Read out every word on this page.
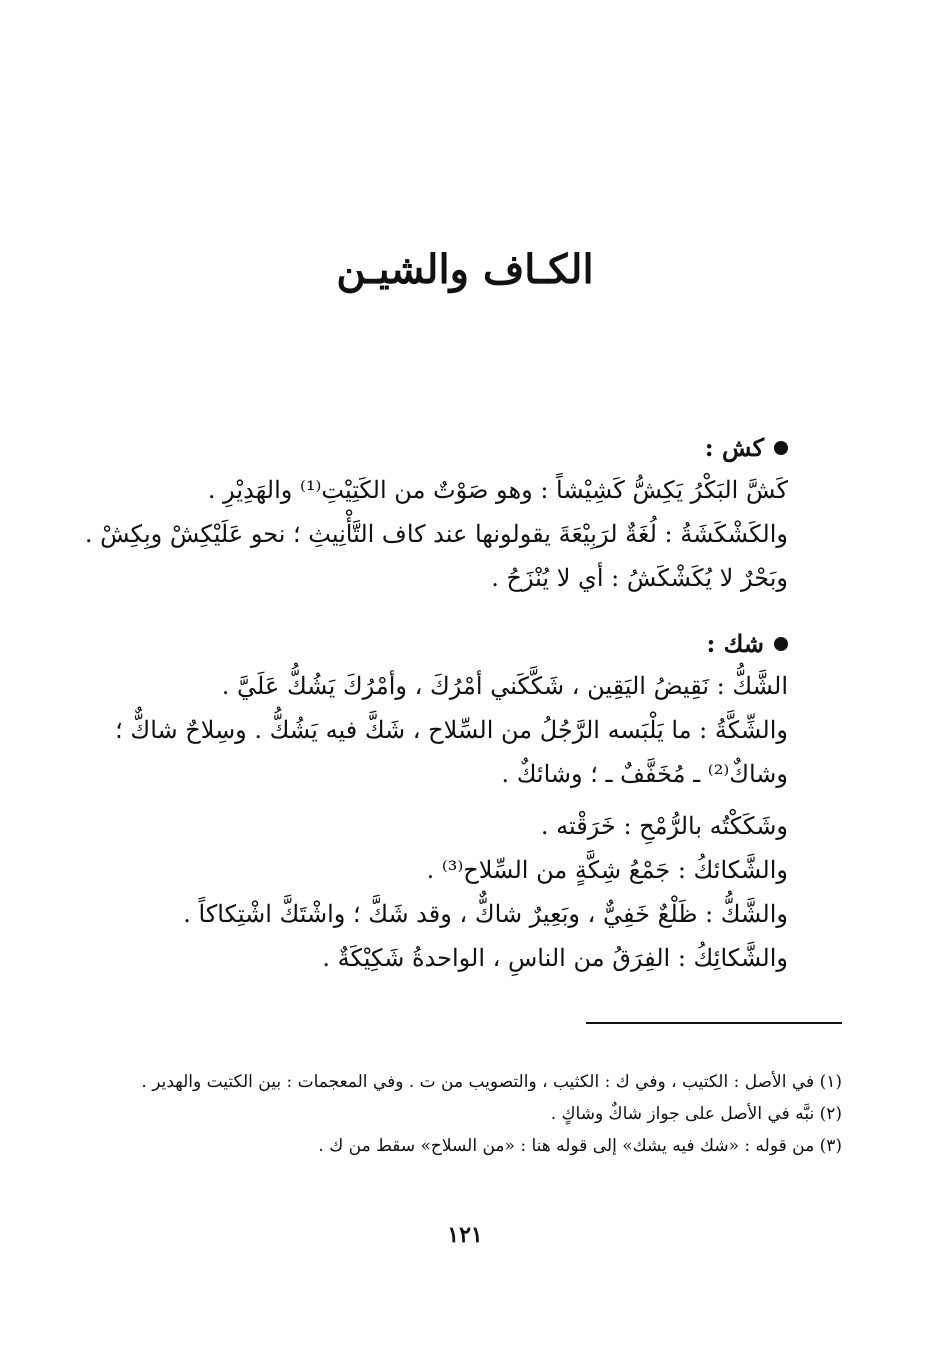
الكـاف والشيـن
كش :

كَشَّ البَكْرُ يَكِشُّ كَشِيْشاً : وهو صَوْتٌ من الكَتِيْتِ⁽¹⁾ والهَدِيْرِ .

والكَشْكَشَةُ : لُغَةٌ لرَبِيْعَةَ يقولونها عند كاف التَّأْنِيثِ ؛ نحو عَلَيْكِشْ وبِكِشْ .

وبَحْرٌ لا يُكَشْكَشُ : أي لا يُنْزَحُ .

شك :

الشَّكُّ : نَقِيضُ اليَقِين ، شَكَّكَني أمْرُكَ ، وأمْرُكَ يَشُكُّ عَلَيَّ .

والشِّكَّةُ : ما يَلْبَسه الرَّجُلُ من السِّلاح ، شَكَّ فيه يَشُكُّ . وسِلاحٌ شاكٌّ ؛ وشاكٌ⁽²⁾ ـ مُخَفَّفٌ ـ ؛ وشائكٌ .

وشَكَكْتُه بالرُّمْحِ : خَرَقْته .

والشَّكائكُ : جَمْعُ شِكَّةٍ من السِّلاح⁽³⁾ .

والشَّكُّ : ظَلْعٌ خَفِيٌّ ، وبَعِيرٌ شاكٌّ ، وقد شَكَّ ؛ واشْتَكَّ اشْتِكاكاً .

والشَّكائِكُ : الفِرَقُ من الناسِ ، الواحدةُ شَكِيْكَةٌ .

(١) في الأصل : الكتيب ، وفي ك : الكثيب ، والتصويب من ت . وفي المعجمات : بين الكتيت والهدير .

(٢) نبَّه في الأصل على جواز شاكٌ وشاكٍ .

(٣) من قوله : «شك فيه يشك» إلى قوله هنا : «من السلاح» سقط من ك .

١٢١
